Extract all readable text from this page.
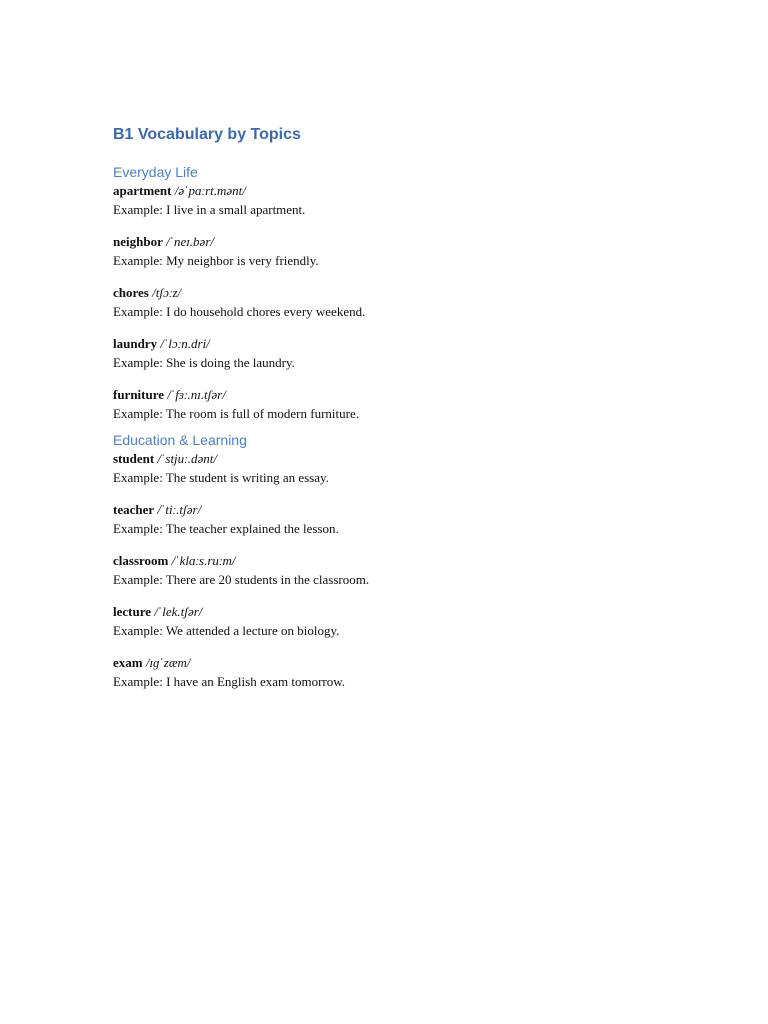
B1 Vocabulary by Topics
Everyday Life
apartment /əˈpɑːrt.mənt/
Example: I live in a small apartment.
neighbor /ˈneɪ.bər/
Example: My neighbor is very friendly.
chores /tʃɔːz/
Example: I do household chores every weekend.
laundry /ˈlɔːn.dri/
Example: She is doing the laundry.
furniture /ˈfɜː.nɪ.tʃər/
Example: The room is full of modern furniture.
Education & Learning
student /ˈstjuː.dənt/
Example: The student is writing an essay.
teacher /ˈtiː.tʃər/
Example: The teacher explained the lesson.
classroom /ˈklɑːs.ruːm/
Example: There are 20 students in the classroom.
lecture /ˈlek.tʃər/
Example: We attended a lecture on biology.
exam /ɪɡˈzæm/
Example: I have an English exam tomorrow.
